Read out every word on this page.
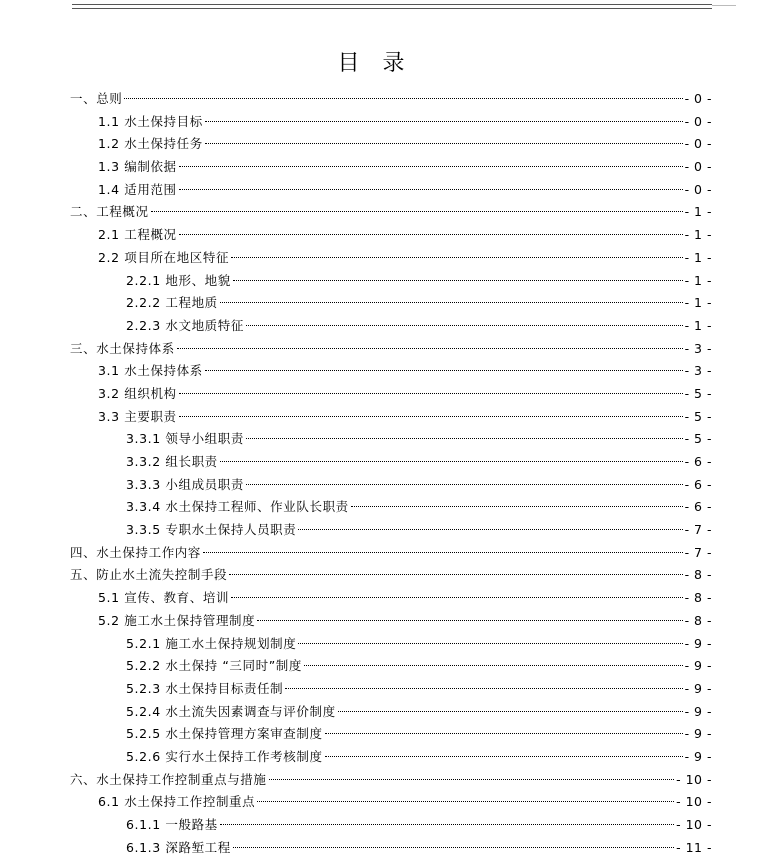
目 录
一、总则	- 0 -
1.1 水土保持目标	- 0 -
1.2 水土保持任务	- 0 -
1.3 编制依据	- 0 -
1.4 适用范围	- 0 -
二、工程概况	- 1 -
2.1 工程概况	- 1 -
2.2 项目所在地区特征	- 1 -
2.2.1 地形、地貌	- 1 -
2.2.2 工程地质	- 1 -
2.2.3 水文地质特征	- 1 -
三、水土保持体系	- 3 -
3.1 水土保持体系	- 3 -
3.2 组织机构	- 5 -
3.3 主要职责	- 5 -
3.3.1 领导小组职责	- 5 -
3.3.2 组长职责	- 6 -
3.3.3 小组成员职责	- 6 -
3.3.4 水土保持工程师、作业队长职责	- 6 -
3.3.5 专职水土保持人员职责	- 7 -
四、水土保持工作内容	- 7 -
五、防止水土流失控制手段	- 8 -
5.1 宣传、教育、培训	- 8 -
5.2 施工水土保持管理制度	- 8 -
5.2.1 施工水土保持规划制度	- 9 -
5.2.2 水土保持 “三同时”制度	- 9 -
5.2.3 水土保持目标责任制	- 9 -
5.2.4 水土流失因素调查与评价制度	- 9 -
5.2.5 水土保持管理方案审查制度	- 9 -
5.2.6 实行水土保持工作考核制度	- 9 -
六、水土保持工作控制重点与措施	- 10 -
6.1 水土保持工作控制重点	- 10 -
6.1.1 一般路基	- 10 -
6.1.3 深路堑工程	- 11 -
